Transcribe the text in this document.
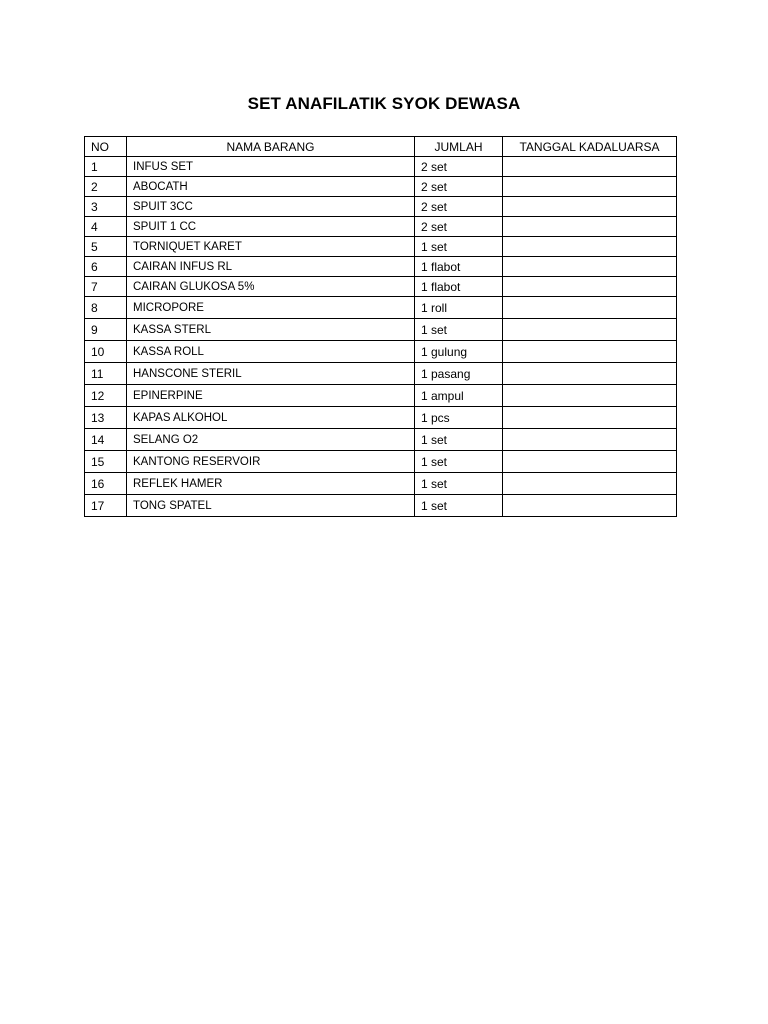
SET ANAFILATIK SYOK DEWASA
NO	NAMA BARANG	JUMLAH	TANGGAL KADALUARSA
1	INFUS SET	2 set	
2	ABOCATH	2 set	
3	SPUIT 3CC	2 set	
4	SPUIT 1 CC	2 set	
5	TORNIQUET KARET	1 set	
6	CAIRAN INFUS RL	1 flabot	
7	CAIRAN GLUKOSA 5%	1 flabot	
8	MICROPORE	1 roll	
9	KASSA STERL	1 set	
10	KASSA ROLL	1 gulung	
11	HANSCONE STERIL	1 pasang	
12	EPINERPINE	1 ampul	
13	KAPAS ALKOHOL	1 pcs	
14	SELANG O2	1 set	
15	KANTONG RESERVOIR	1 set	
16	REFLEK HAMER	1 set	
17	TONG SPATEL	1 set	
